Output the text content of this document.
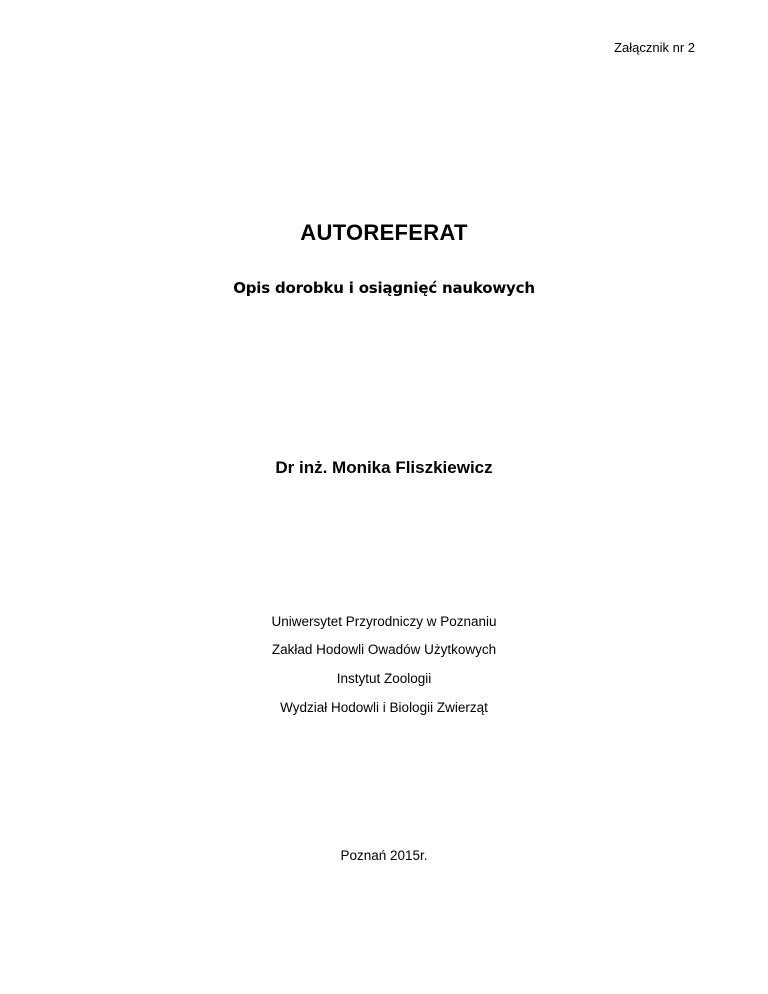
Załącznik nr 2
AUTOREFERAT
Opis dorobku i osiągnięć naukowych
Dr inż. Monika Fliszkiewicz
Uniwersytet Przyrodniczy w Poznaniu
Zakład Hodowli Owadów Użytkowych
Instytut Zoologii
Wydział Hodowli i Biologii Zwierząt
Poznań 2015r.
